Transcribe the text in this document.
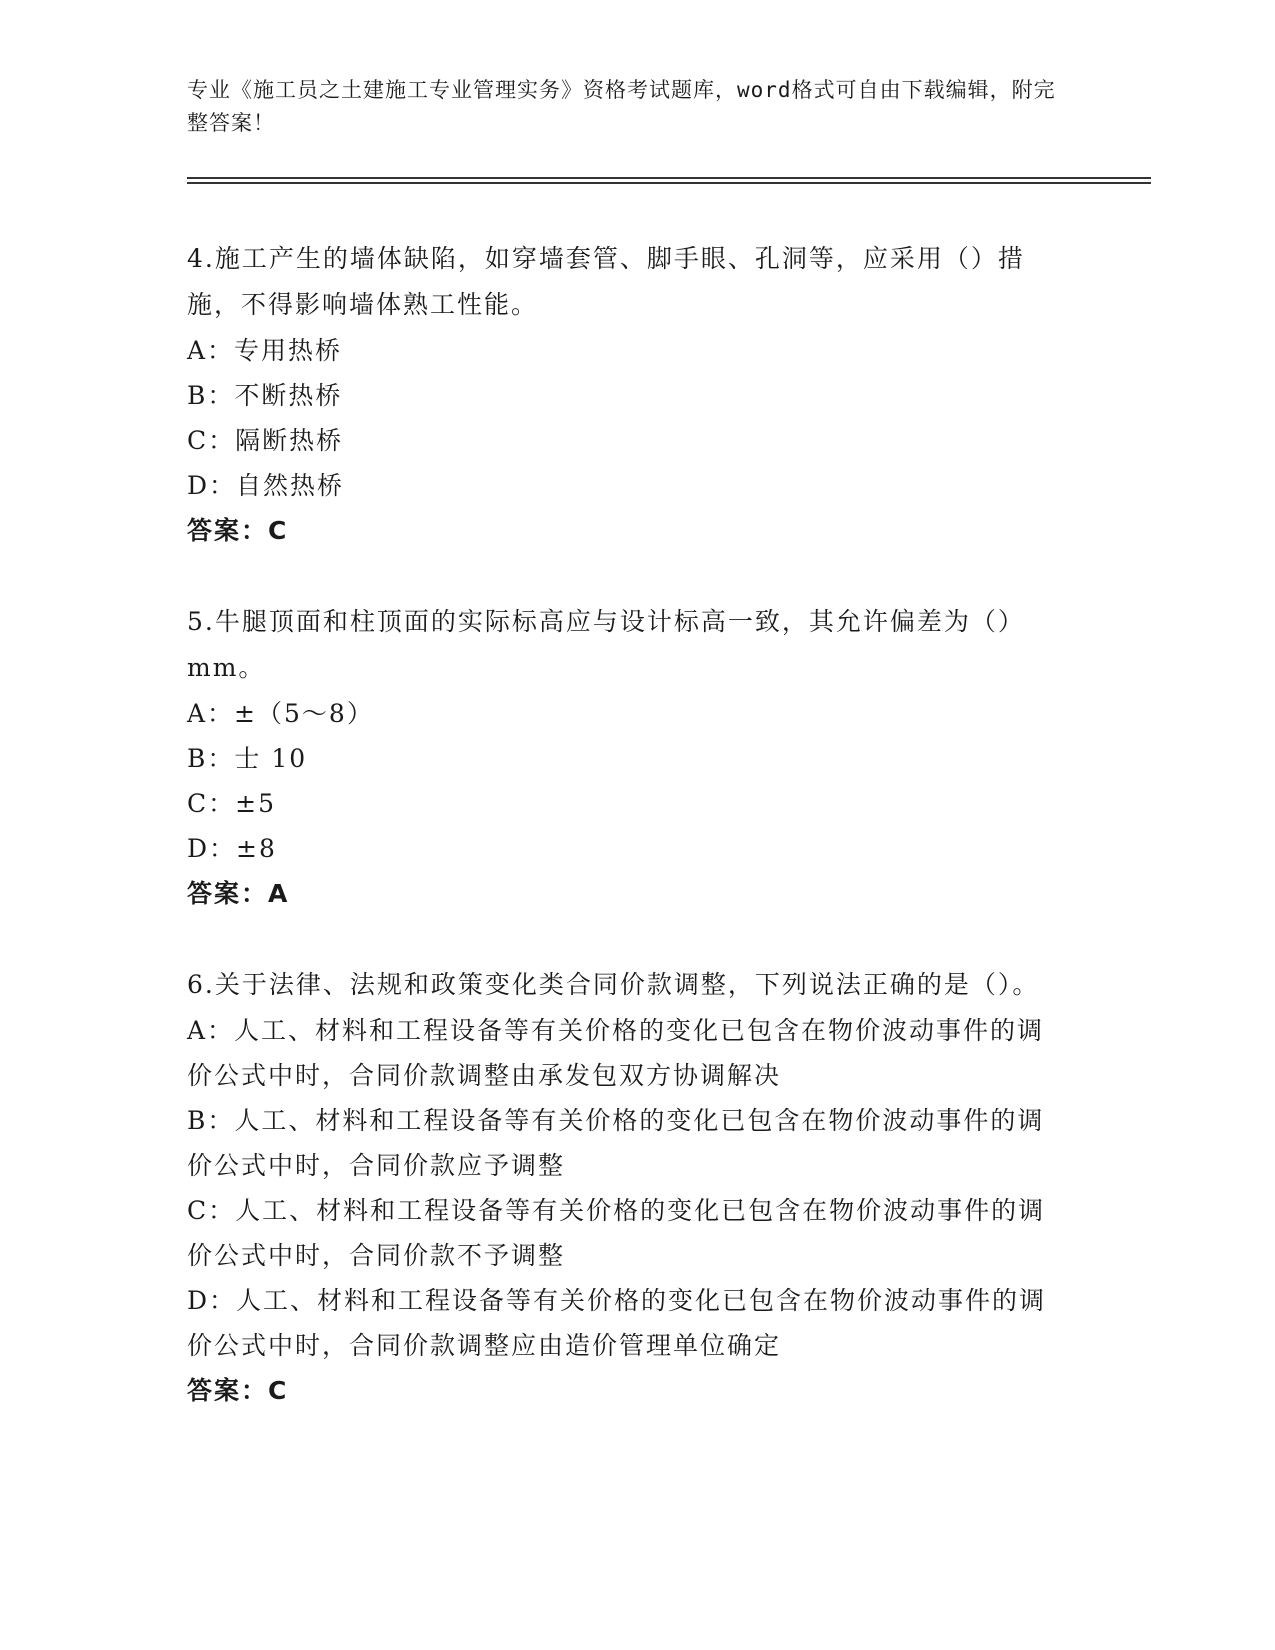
专业《施工员之土建施工专业管理实务》资格考试题库，word格式可自由下载编辑，附完整答案！
4.施工产生的墙体缺陷，如穿墙套管、脚手眼、孔洞等，应采用（）措施，不得影响墙体熟工性能。
A：专用热桥
B：不断热桥
C：隔断热桥
D：自然热桥
答案：C
5.牛腿顶面和柱顶面的实际标高应与设计标高一致，其允许偏差为（）mm。
A：±（5～8）
B：士 10
C：±5
D：±8
答案：A
6.关于法律、法规和政策变化类合同价款调整，下列说法正确的是（）。
A：人工、材料和工程设备等有关价格的变化已包含在物价波动事件的调价公式中时，合同价款调整由承发包双方协调解决
B：人工、材料和工程设备等有关价格的变化已包含在物价波动事件的调价公式中时，合同价款应予调整
C：人工、材料和工程设备等有关价格的变化已包含在物价波动事件的调价公式中时，合同价款不予调整
D：人工、材料和工程设备等有关价格的变化已包含在物价波动事件的调价公式中时，合同价款调整应由造价管理单位确定
答案：C
